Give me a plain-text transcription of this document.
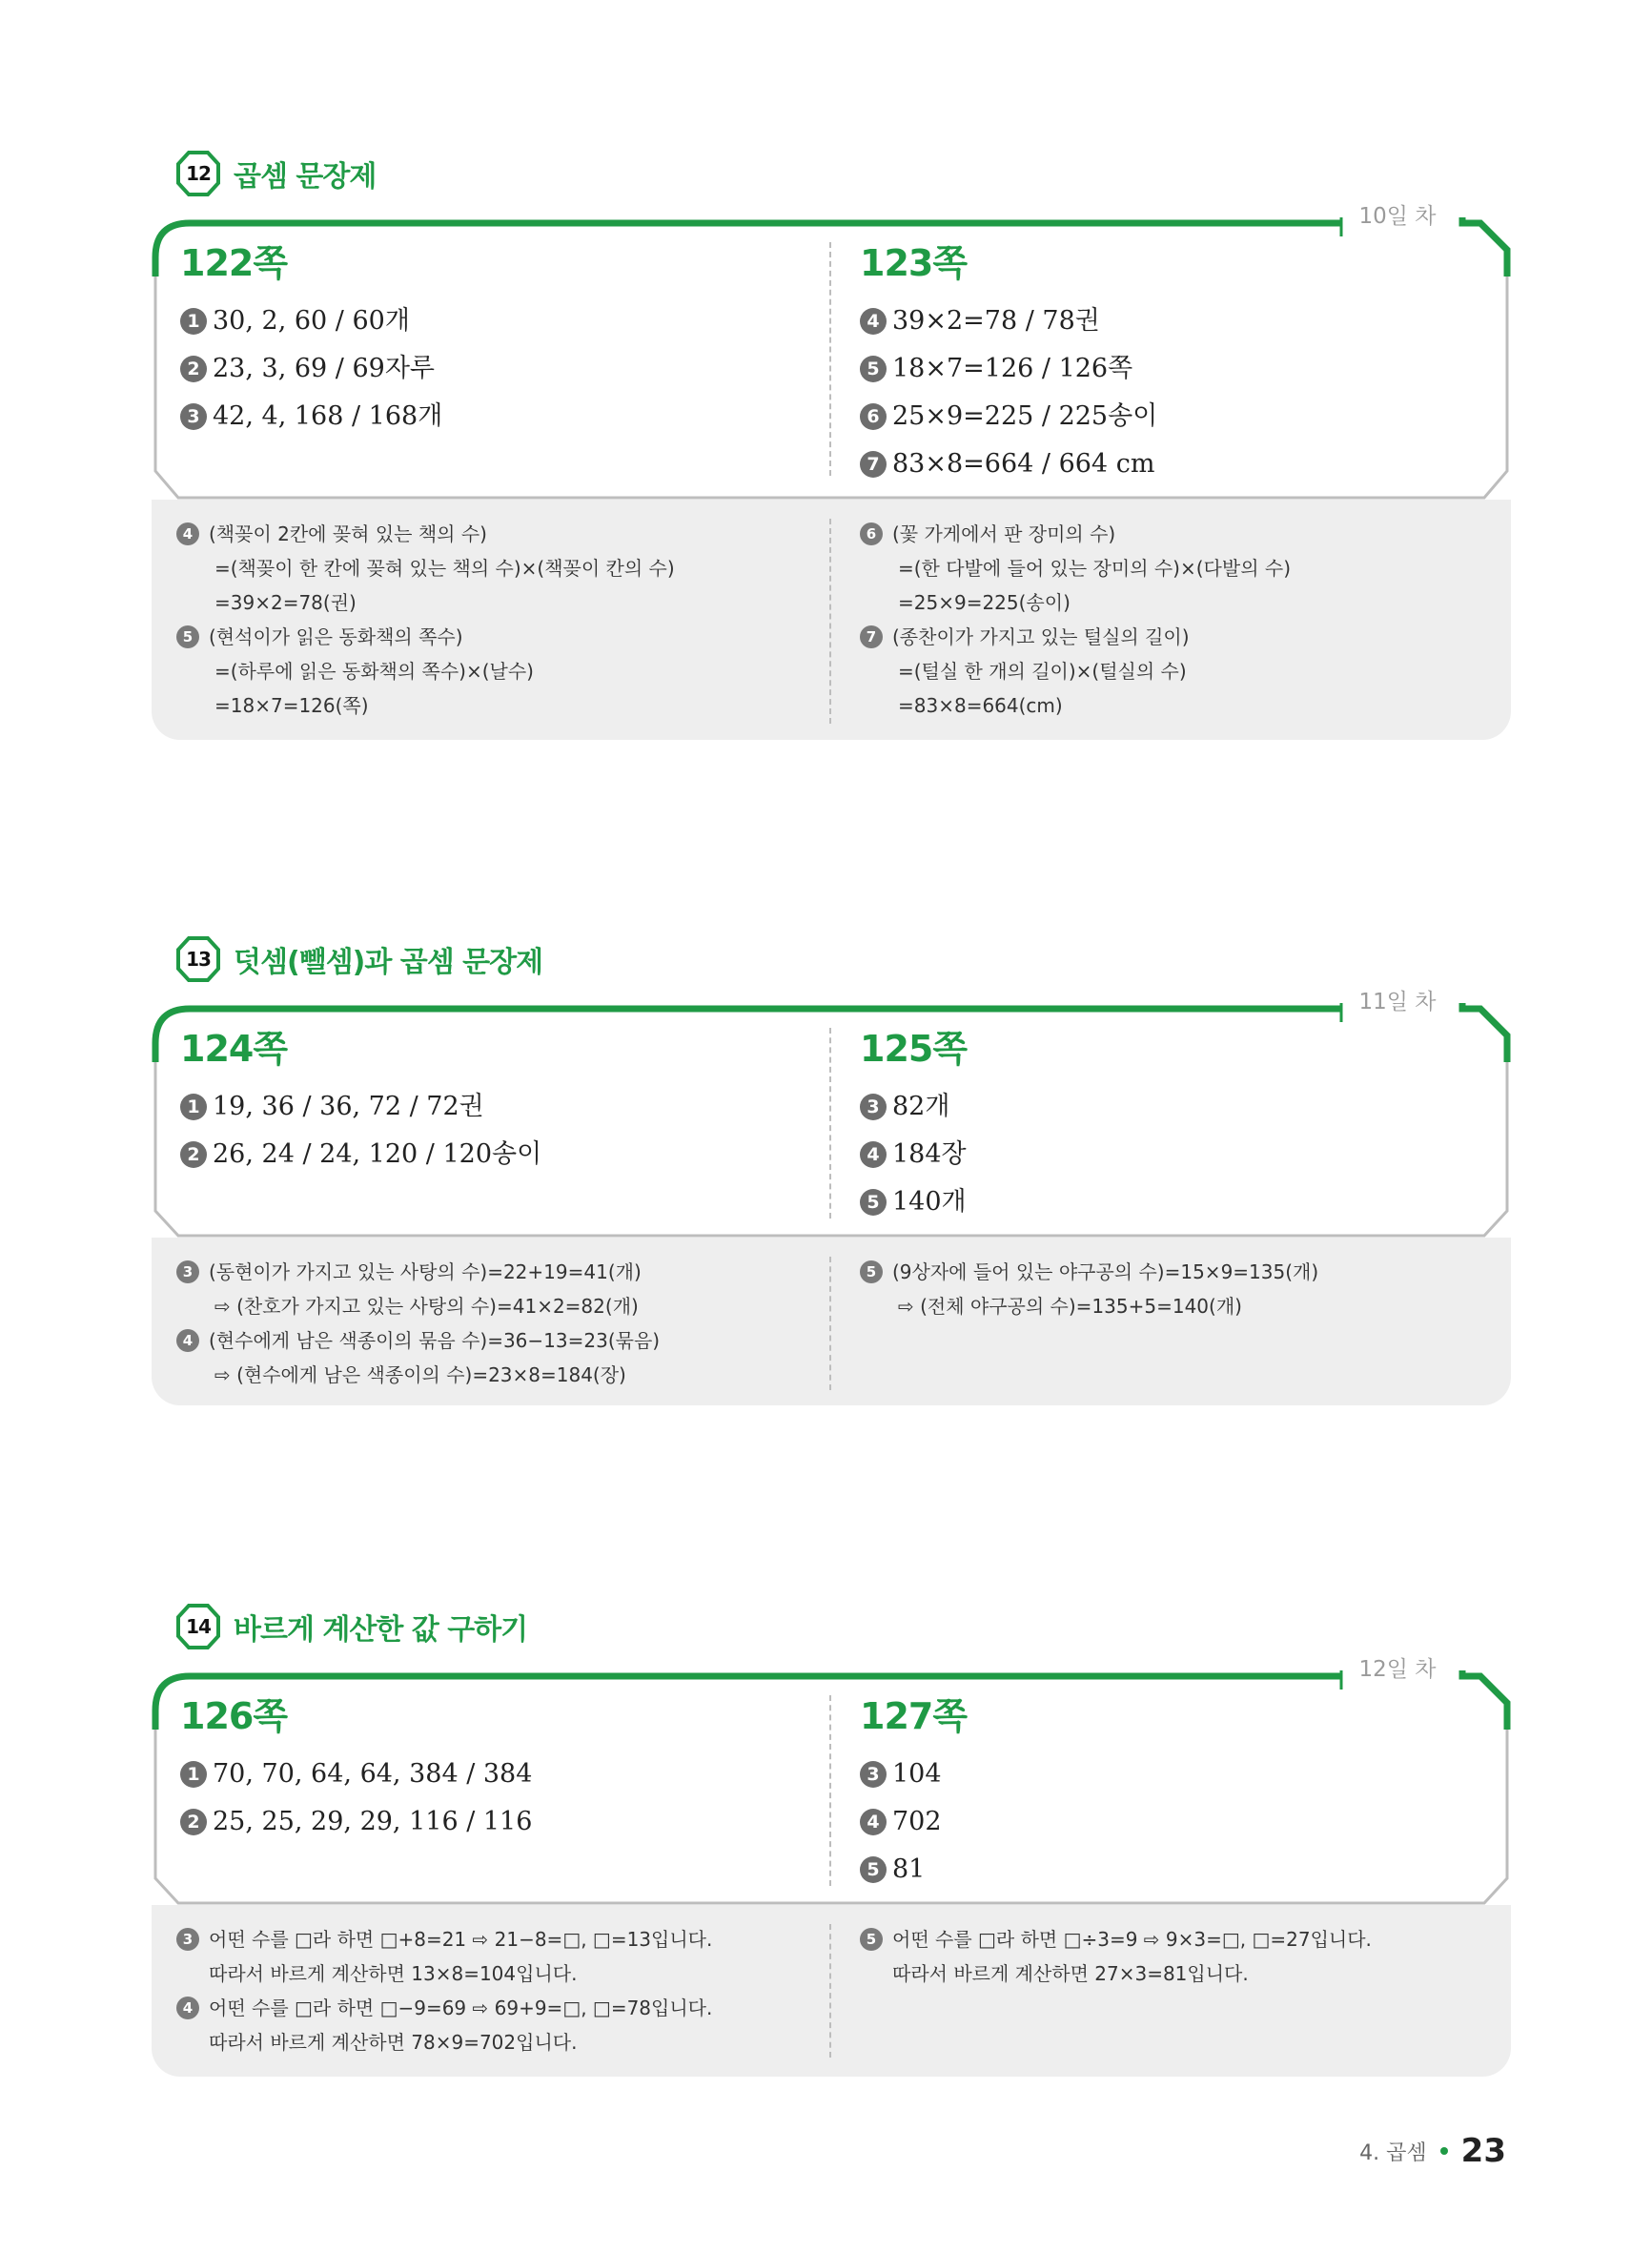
12 곱셈 문장제
10일 차
122쪽
1 30, 2, 60 / 60개
2 23, 3, 69 / 69자루
3 42, 4, 168 / 168개
123쪽
4 39×2=78 / 78권
5 18×7=126 / 126쪽
6 25×9=225 / 225송이
7 83×8=664 / 664 cm
4 (책꽂이 2칸에 꽂혀 있는 책의 수)
=(책꽂이 한 칸에 꽂혀 있는 책의 수)×(책꽂이 칸의 수)
=39×2=78(권)
5 (현석이가 읽은 동화책의 쪽수)
=(하루에 읽은 동화책의 쪽수)×(날수)
=18×7=126(쪽)
6 (꽃 가게에서 판 장미의 수)
=(한 다발에 들어 있는 장미의 수)×(다발의 수)
=25×9=225(송이)
7 (종찬이가 가지고 있는 털실의 길이)
=(털실 한 개의 길이)×(털실의 수)
=83×8=664(cm)
13 덧셈(뺄셈)과 곱셈 문장제
11일 차
124쪽
1 19, 36 / 36, 72 / 72권
2 26, 24 / 24, 120 / 120송이
125쪽
3 82개
4 184장
5 140개
3 (동현이가 가지고 있는 사탕의 수)=22+19=41(개)
⇨ (찬호가 가지고 있는 사탕의 수)=41×2=82(개)
4 (현수에게 남은 색종이의 묶음 수)=36−13=23(묶음)
⇨ (현수에게 남은 색종이의 수)=23×8=184(장)
5 (9상자에 들어 있는 야구공의 수)=15×9=135(개)
⇨ (전체 야구공의 수)=135+5=140(개)
14 바르게 계산한 값 구하기
12일 차
126쪽
1 70, 70, 64, 64, 384 / 384
2 25, 25, 29, 29, 116 / 116
127쪽
3 104
4 702
5 81
3 어떤 수를 □라 하면 □+8=21 ⇨ 21−8=□, □=13입니다.
따라서 바르게 계산하면 13×8=104입니다.
4 어떤 수를 □라 하면 □−9=69 ⇨ 69+9=□, □=78입니다.
따라서 바르게 계산하면 78×9=702입니다.
5 어떤 수를 □라 하면 □÷3=9 ⇨ 9×3=□, □=27입니다.
따라서 바르게 계산하면 27×3=81입니다.
4. 곱셈 23
